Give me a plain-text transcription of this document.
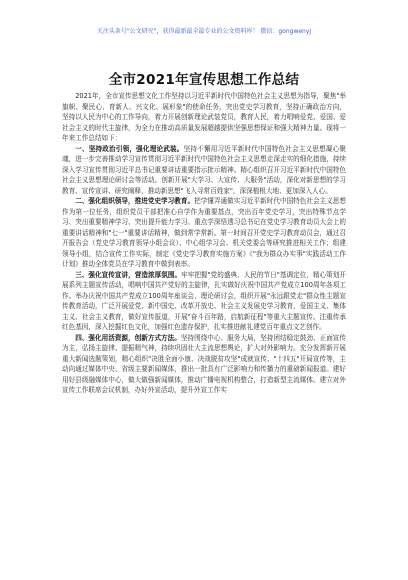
关注头条号"公文研究"，获得最新最全最专业的公文资料库！ 微信：gongwenyj
全市2021年宣传思想工作总结

2021年，全市宣传思想文化工作坚持以习近平新时代中国特色社会主义思想为指导，聚焦"举旗帜、聚民心、育新人、兴文化、展形象"的使命任务，突出党史学习教育，坚持正确政治方向，坚持以人民为中心的工作导向，着力开展创新理论武装党员，教育人民，着力唱响爱党、爱国、爱社会主义的时代主旋律，为全力在推动高质量发展超越提供坚强思想保证和强大精神力量。现将一年来工作总结如下：

一、坚持政治引领，强化理论武装。坚持不懈用习近平新时代中国特色社会主义思想凝心聚魂，进一步完善推动学习宣传贯彻习近平新时代中国特色社会主义思想走深走实的细化措施，持续深入学习宣传贯彻习近平总书记重要讲话重要指示批示精神。精心组织召开习近平新时代中国特色社会主义思想理论研讨会等活动。创新开展"大学习、大宣传、大服务"活动，深化对新思想的学习教育、宣传宣讲、研究阐释，推动新思想"飞入寻常百姓家"，深深植根大地、更加深入人心。

二、强化组织领导，推进党史学习教育。把学懂弄通做实习近平新时代中国特色社会主义思想作为第一位任务，组织党员干部把准心自学作为重要基点，突出百年党史学习，突出特殊节点学习、突出重要精神学习、突出提升能力学习。重点学深悟透习总书记在党史学习教育动员大会上的重要讲话精神和"七一"重要讲话精神，做到常学常新。第一时间召开党史学习教育动员会，通过召开报告会（党史学习教育领导小组会议）、中心组学习会、机关党委会等研究推进相关工作；组建领导小组，结合宣传工作实际，制定《党史学习教育实施方案》《"我为群众办实事"实践活动工作计划》推动全体党员在学习教育中做到表率。

三、强化宣传宣讲，营造浓厚氛围。牢牢把握"党的盛典、人民的节日"基调定位，精心策划开展系列主题宣传活动，唱响中国共产党好的主旋律，扎实做好庆祝中国共产党成立100周年各项工作。举办庆祝中国共产党成立100周年座谈会、理论研讨会，组织开展"永远跟党走"群众性主题宣传教育活动，广泛开展爱党、新中国史、改革开放史、社会主义发展史学习教育，爱国主义、集体主义、社会主义教育，做好宣传报道，开展"奋斗百年路，启航新征程"等重大主题宣传。注重传承红色基因，深入挖掘红色文化，加强红色遗存保护，扎实推进献礼建党百年重点文艺创作。

四、强化用活资源，创新方式方法。坚持围绕中心、服务大局，坚持团结稳定鼓劲、正面宣传为主，弘扬主旋律、提振精气神，持续巩固壮大主流思想舆论，扩大对外影响力。充分发挥新开展重大新闻选题策划，精心组织"决胜全面小康、决战脱贫攻坚"成就宣传、"十四五"开局宣传等，主动向通过媒体中央、省级主要新闻媒体，推出一批具有广泛影响力和传播力的重磅新闻报道。建好用好县级融媒体中心，做大做强新闻媒体，推动广播电视机构整合，打造新型主流媒体。建立对外宣传工作联席会议机制，办好外宣活动，提升外宣工作实
